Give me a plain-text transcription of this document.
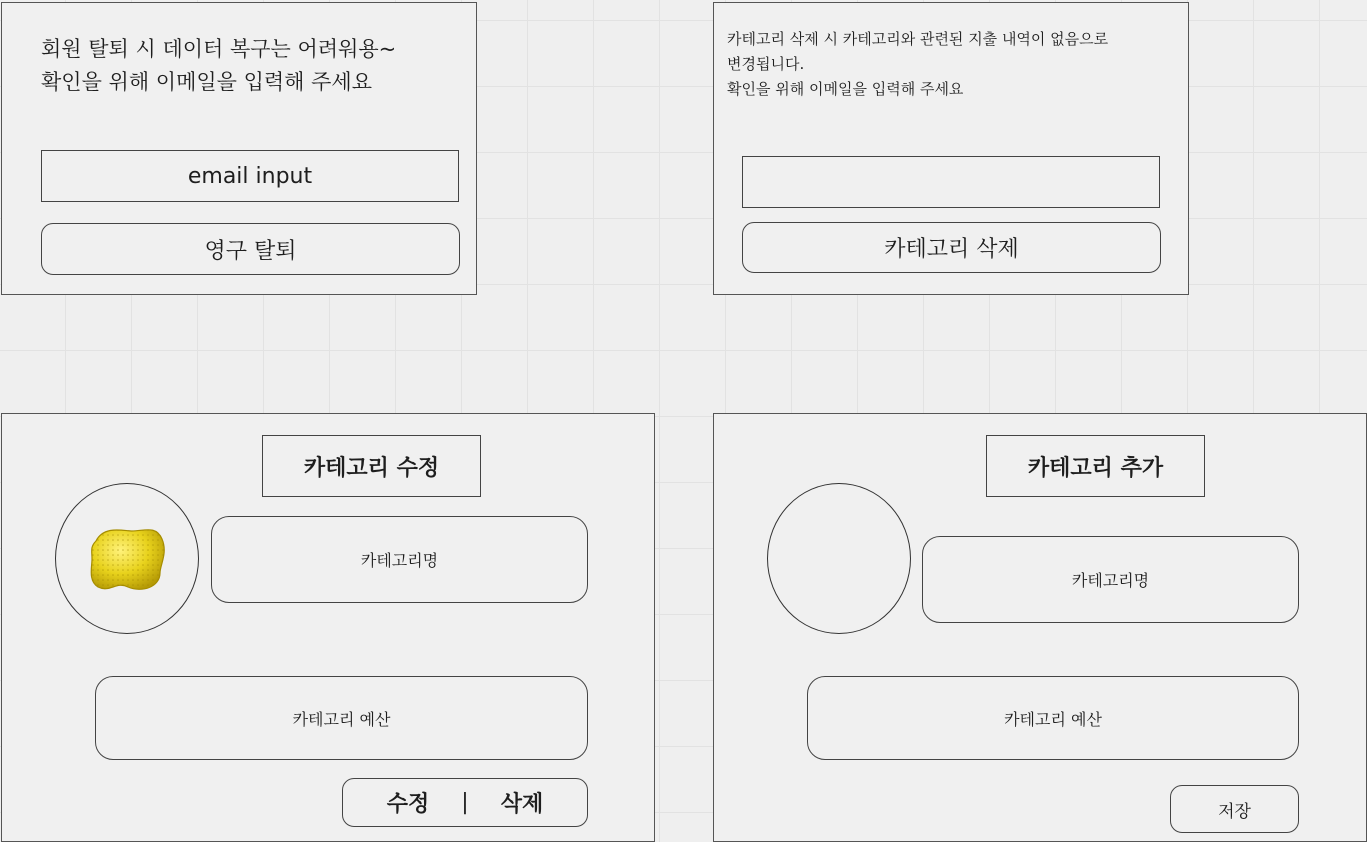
회원 탈퇴 시 데이터 복구는 어려워용~
확인을 위해 이메일을 입력해 주세요
email input
영구 탈퇴
카테고리 삭제 시 카테고리와 관련된 지출 내역이 없음으로
변경됩니다.
확인을 위해 이메일을 입력해 주세요
카테고리 삭제
카테고리 수정
카테고리명
카테고리 예산
수정 | 삭제
카테고리 추가
카테고리명
카테고리 예산
저장
